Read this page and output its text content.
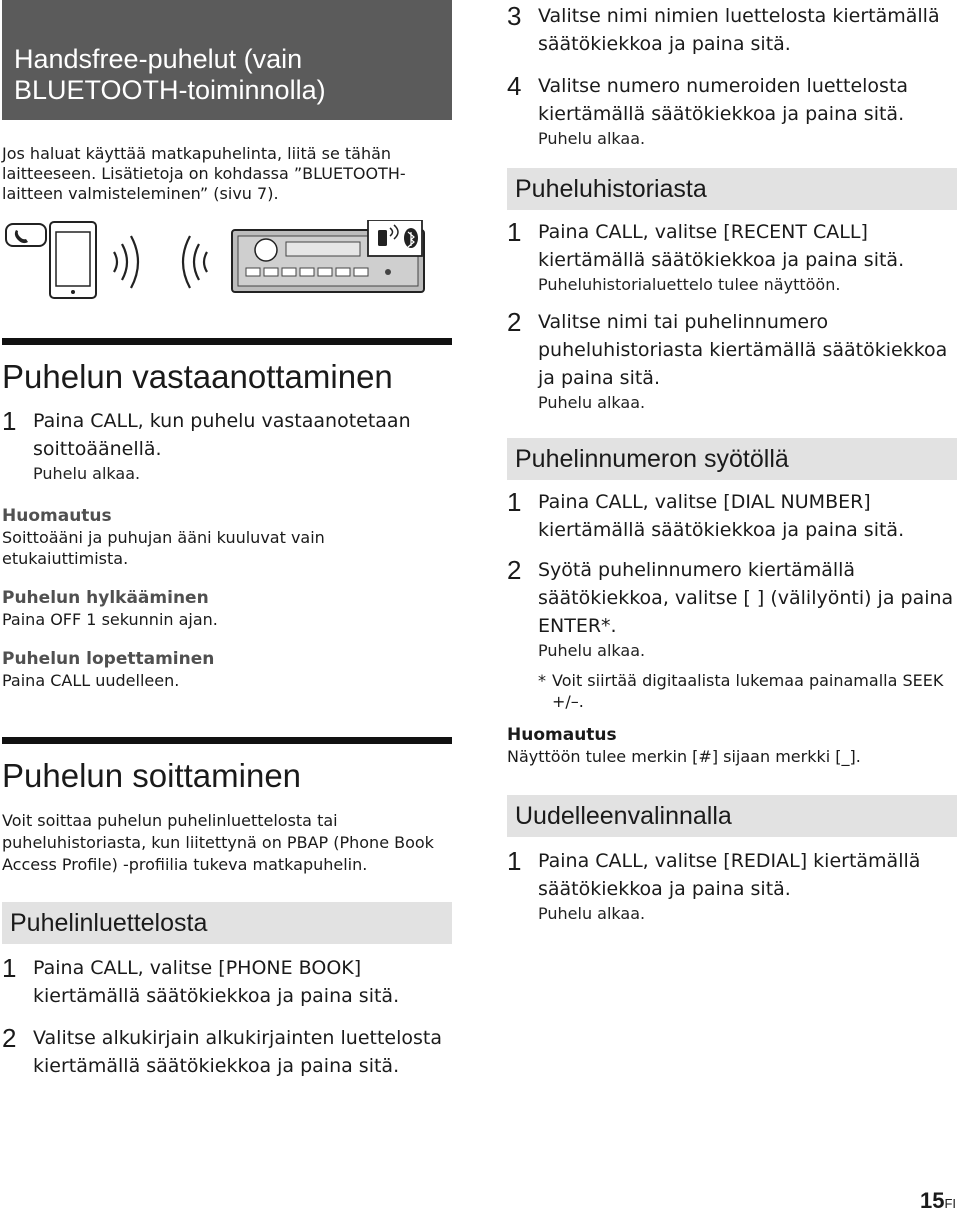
Handsfree-puhelut (vain BLUETOOTH-toiminnolla)
Jos haluat käyttää matkapuhelinta, liitä se tähän laitteeseen. Lisätietoja on kohdassa ”BLUETOOTH-laitteen valmisteleminen” (sivu 7).
Puhelun vastaanottaminen
1 Paina CALL, kun puhelu vastaanotetaan soittoäänellä.
Puhelu alkaa.
Huomautus
Soittoääni ja puhujan ääni kuuluvat vain etukaiuttimista.
Puhelun hylkääminen
Paina OFF 1 sekunnin ajan.
Puhelun lopettaminen
Paina CALL uudelleen.
Puhelun soittaminen
Voit soittaa puhelun puhelinluettelosta tai puheluhistoriasta, kun liitettynä on PBAP (Phone Book Access Profile) -profiilia tukeva matkapuhelin.
Puhelinluettelosta
1 Paina CALL, valitse [PHONE BOOK] kiertämällä säätökiekkoa ja paina sitä.
2 Valitse alkukirjain alkukirjainten luettelosta kiertämällä säätökiekkoa ja paina sitä.
3 Valitse nimi nimien luettelosta kiertämällä säätökiekkoa ja paina sitä.
4 Valitse numero numeroiden luettelosta kiertämällä säätökiekkoa ja paina sitä.
Puhelu alkaa.
Puheluhistoriasta
1 Paina CALL, valitse [RECENT CALL] kiertämällä säätökiekkoa ja paina sitä.
Puheluhistorialuettelo tulee näyttöön.
2 Valitse nimi tai puhelinnumero puheluhistoriasta kiertämällä säätökiekkoa ja paina sitä.
Puhelu alkaa.
Puhelinnumeron syötöllä
1 Paina CALL, valitse [DIAL NUMBER] kiertämällä säätökiekkoa ja paina sitä.
2 Syötä puhelinnumero kiertämällä säätökiekkoa, valitse [ ] (välilyönti) ja paina ENTER*.
Puhelu alkaa.
* Voit siirtää digitaalista lukemaa painamalla SEEK +/–.
Huomautus
Näyttöön tulee merkin [#] sijaan merkki [_].
Uudelleenvalinnalla
1 Paina CALL, valitse [REDIAL] kiertämällä säätökiekkoa ja paina sitä.
Puhelu alkaa.
15FI
